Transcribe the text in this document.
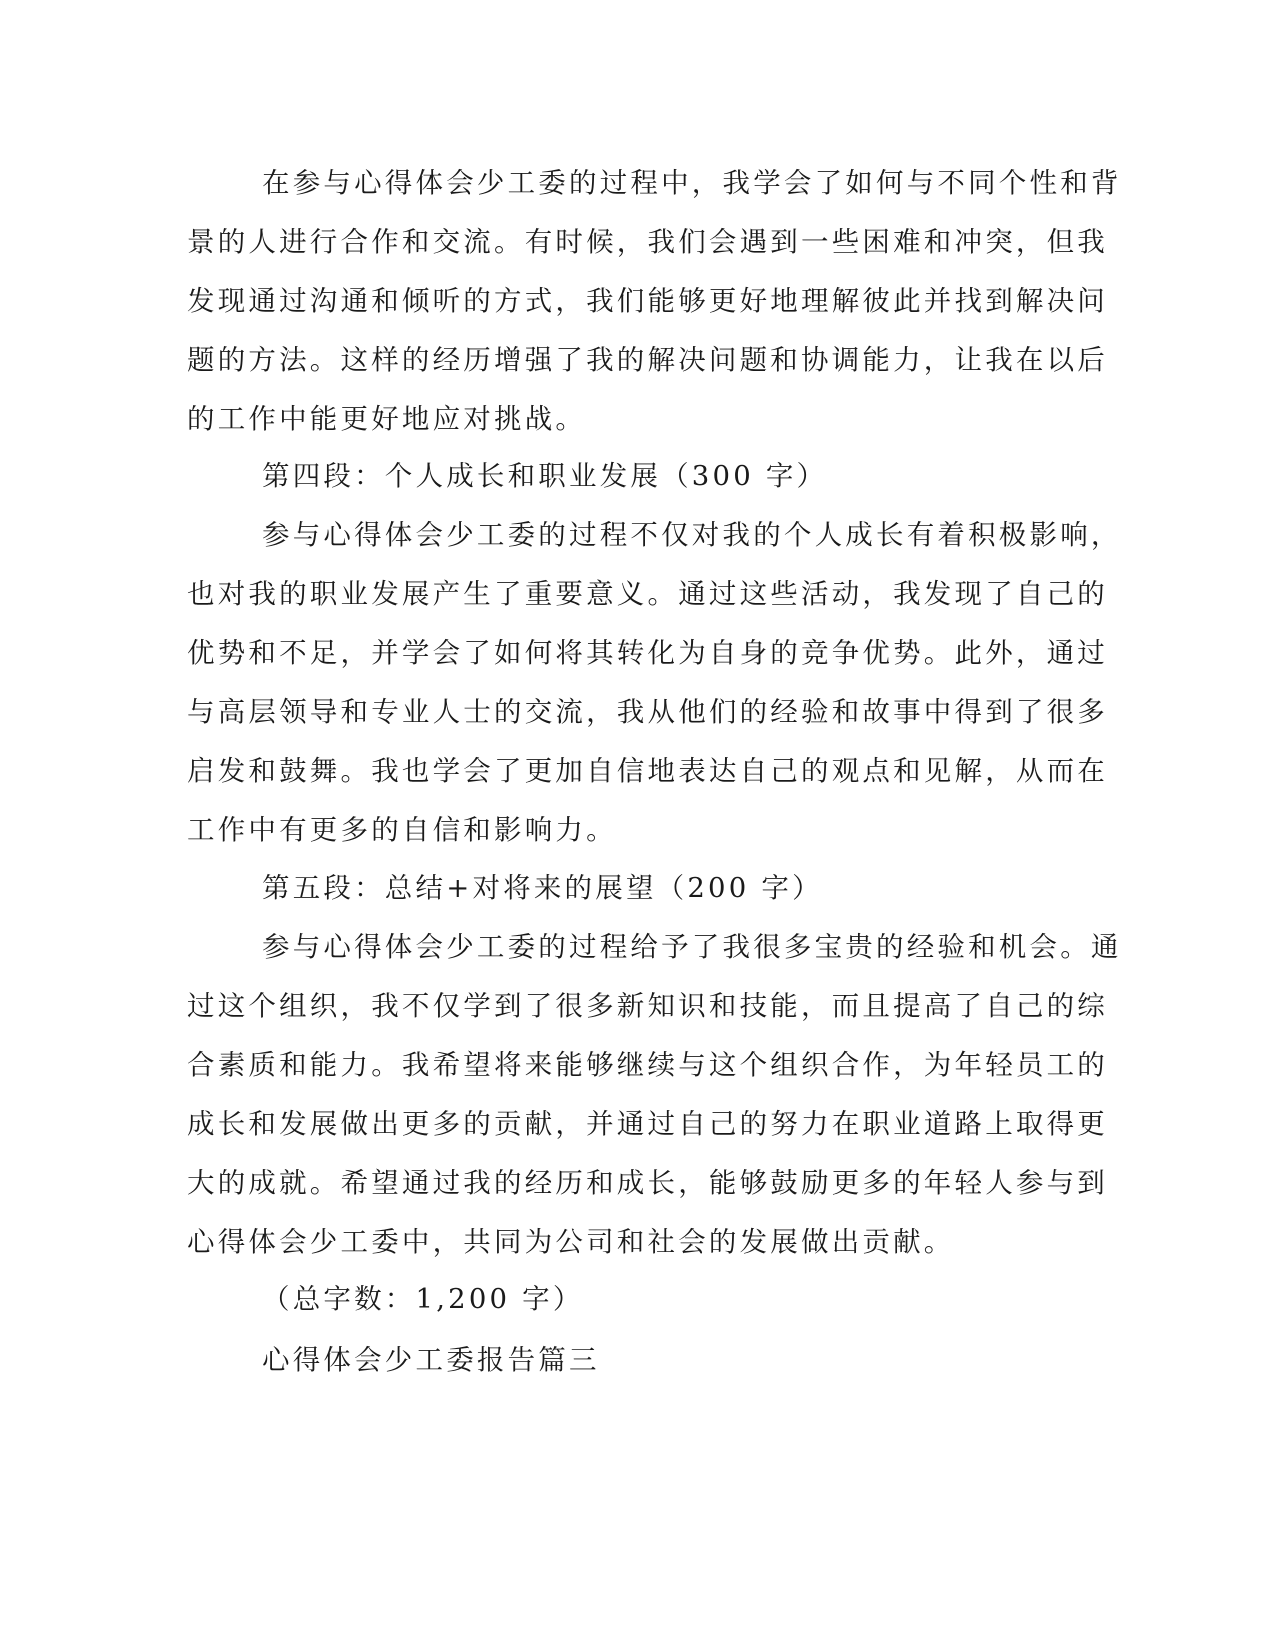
在参与心得体会少工委的过程中，我学会了如何与不同个性和背

景的人进行合作和交流。有时候，我们会遇到一些困难和冲突，但我

发现通过沟通和倾听的方式，我们能够更好地理解彼此并找到解决问

题的方法。这样的经历增强了我的解决问题和协调能力，让我在以后

的工作中能更好地应对挑战。

第四段：个人成长和职业发展（300 字）

参与心得体会少工委的过程不仅对我的个人成长有着积极影响，

也对我的职业发展产生了重要意义。通过这些活动，我发现了自己的

优势和不足，并学会了如何将其转化为自身的竞争优势。此外，通过

与高层领导和专业人士的交流，我从他们的经验和故事中得到了很多

启发和鼓舞。我也学会了更加自信地表达自己的观点和见解，从而在

工作中有更多的自信和影响力。

第五段：总结+对将来的展望（200 字）

参与心得体会少工委的过程给予了我很多宝贵的经验和机会。通

过这个组织，我不仅学到了很多新知识和技能，而且提高了自己的综

合素质和能力。我希望将来能够继续与这个组织合作，为年轻员工的

成长和发展做出更多的贡献，并通过自己的努力在职业道路上取得更

大的成就。希望通过我的经历和成长，能够鼓励更多的年轻人参与到

心得体会少工委中，共同为公司和社会的发展做出贡献。

（总字数：1,200 字）

心得体会少工委报告篇三
